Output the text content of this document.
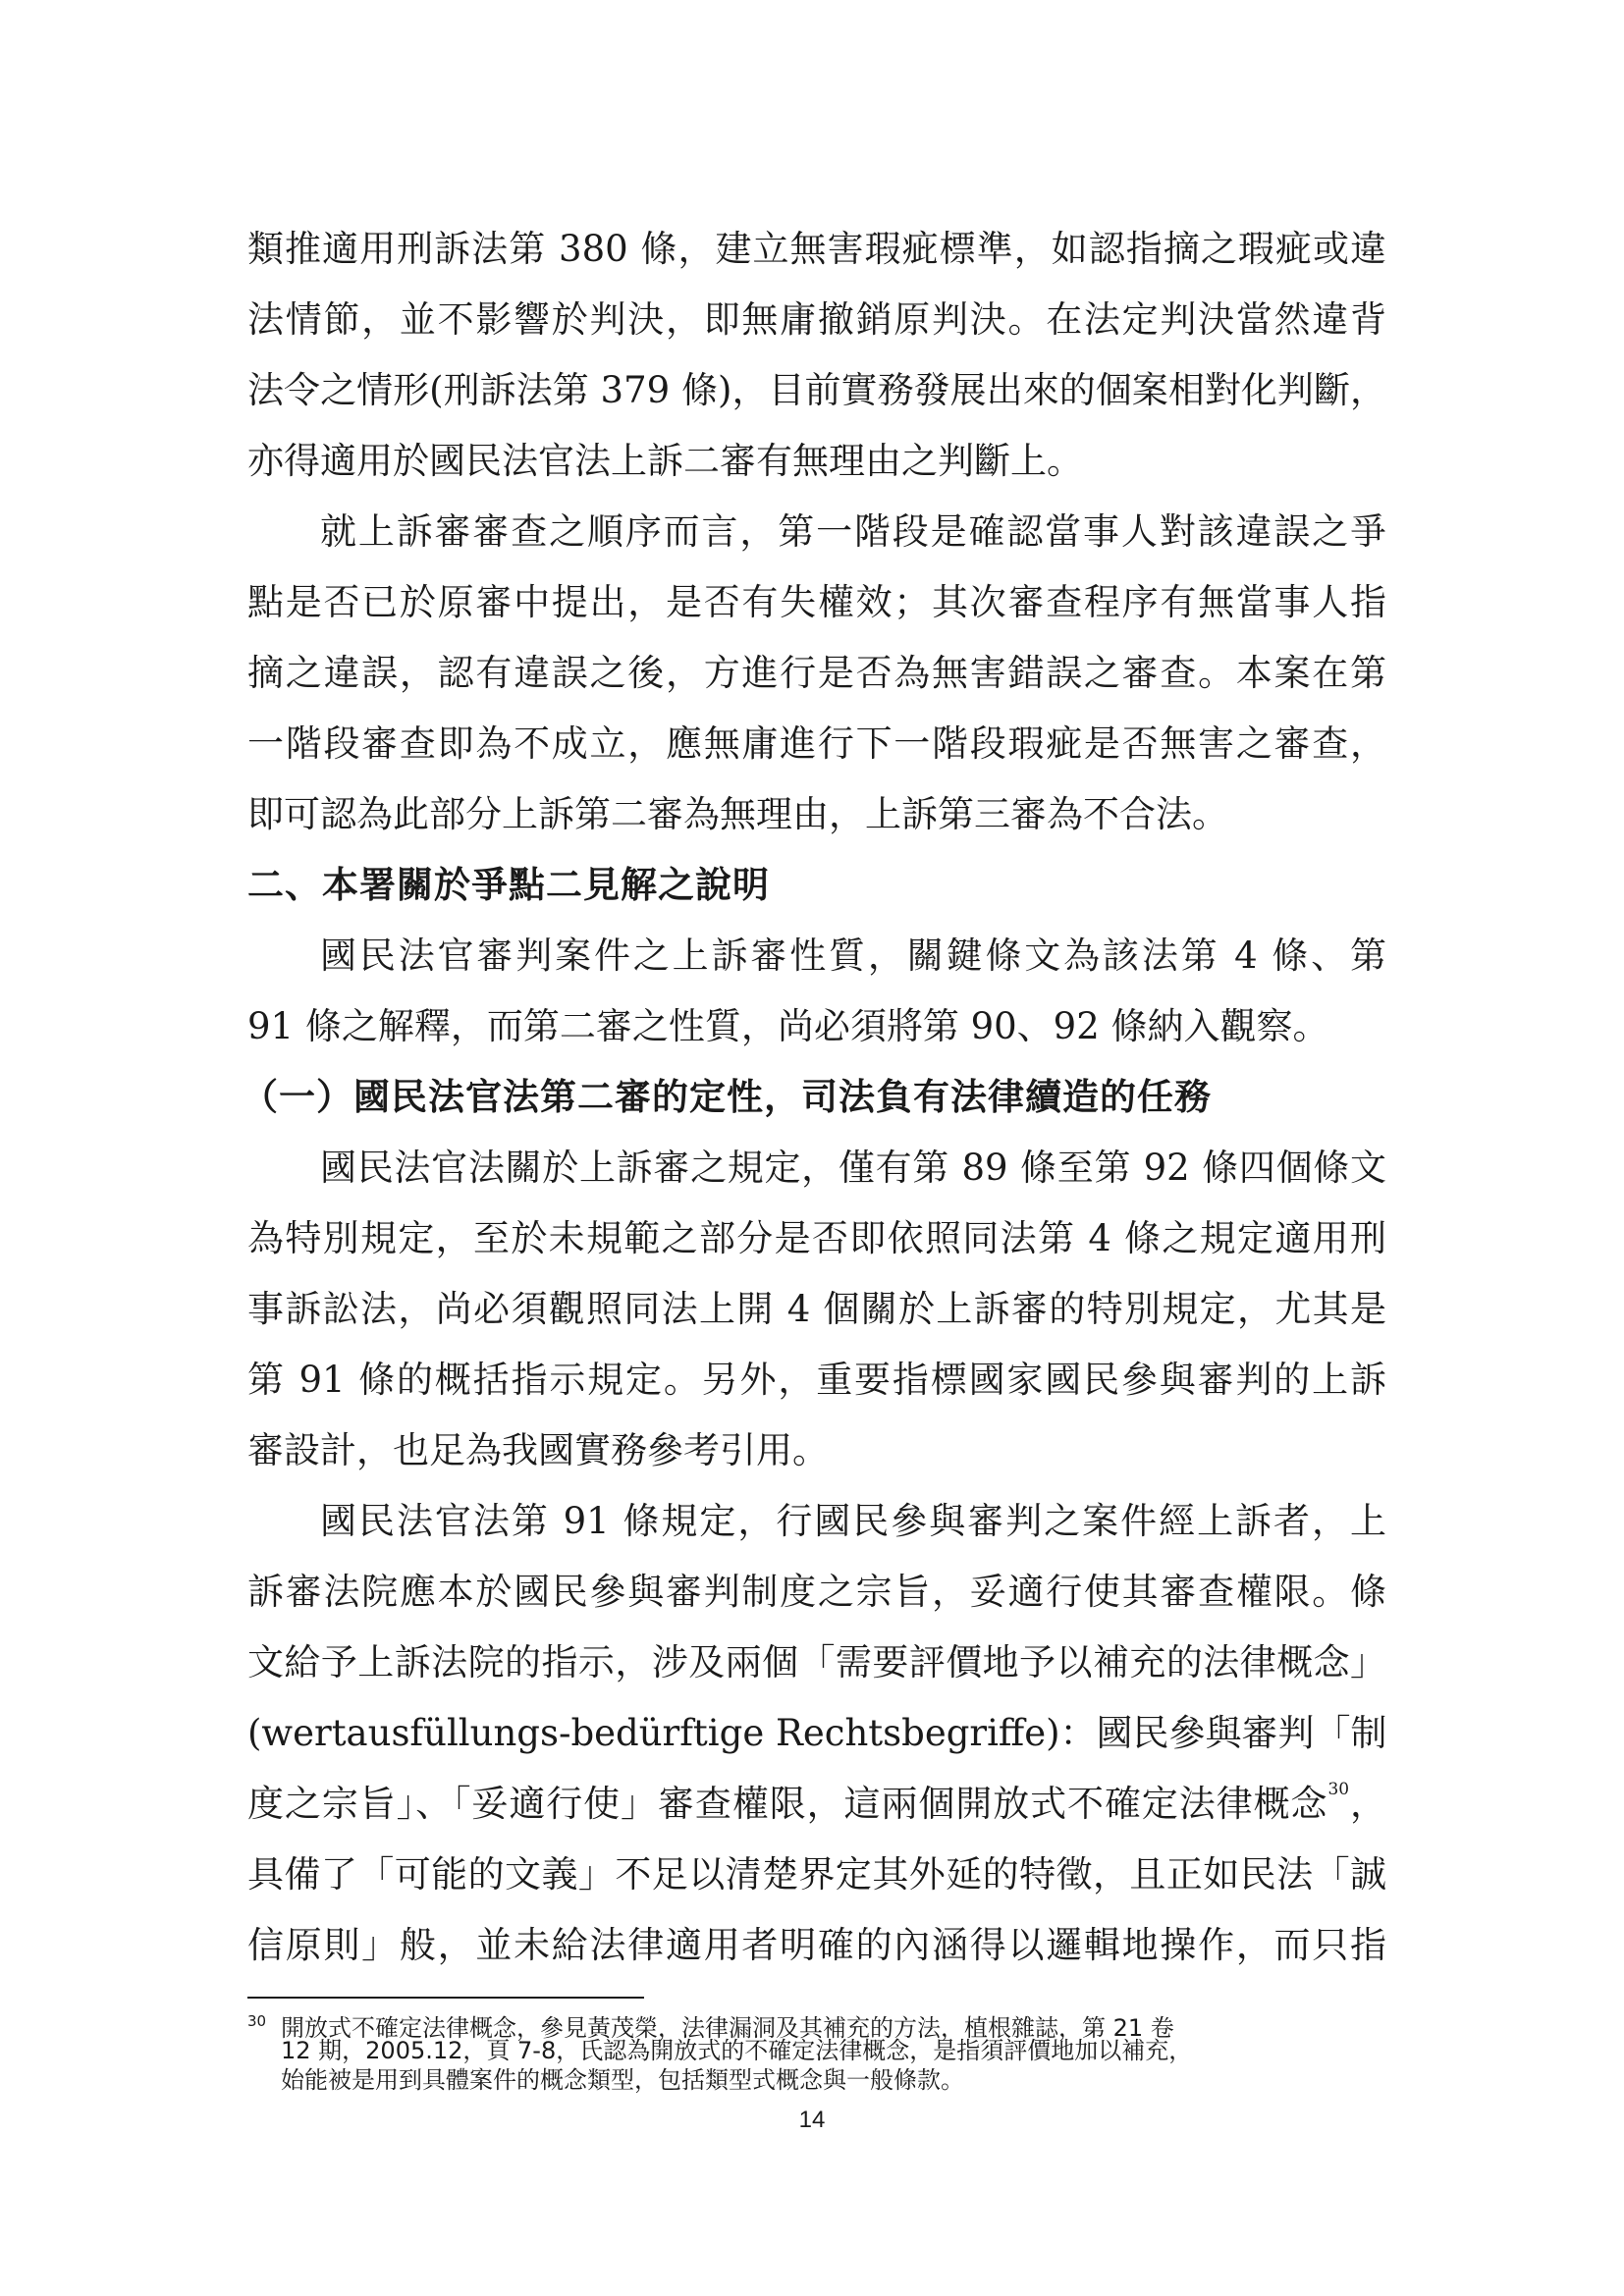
類推適用刑訴法第 380 條，建立無害瑕疵標準，如認指摘之瑕疵或違
法情節，並不影響於判決，即無庸撤銷原判決。在法定判決當然違背
法令之情形(刑訴法第 379 條)，目前實務發展出來的個案相對化判斷，
亦得適用於國民法官法上訴二審有無理由之判斷上。
就上訴審審查之順序而言，第一階段是確認當事人對該違誤之爭
點是否已於原審中提出，是否有失權效；其次審查程序有無當事人指
摘之違誤，認有違誤之後，方進行是否為無害錯誤之審查。本案在第
一階段審查即為不成立，應無庸進行下一階段瑕疵是否無害之審查，
即可認為此部分上訴第二審為無理由，上訴第三審為不合法。
二、本署關於爭點二見解之說明
國民法官審判案件之上訴審性質，關鍵條文為該法第 4 條、第
91 條之解釋，而第二審之性質，尚必須將第 90、92 條納入觀察。
（一）國民法官法第二審的定性，司法負有法律續造的任務
國民法官法關於上訴審之規定，僅有第 89 條至第 92 條四個條文
為特別規定，至於未規範之部分是否即依照同法第 4 條之規定適用刑
事訴訟法，尚必須觀照同法上開 4 個關於上訴審的特別規定，尤其是
第 91 條的概括指示規定。另外，重要指標國家國民參與審判的上訴
審設計，也足為我國實務參考引用。
國民法官法第 91 條規定，行國民參與審判之案件經上訴者，上
訴審法院應本於國民參與審判制度之宗旨，妥適行使其審查權限。條
文給予上訴法院的指示，涉及兩個「需要評價地予以補充的法律概念」
(wertausfüllungs-bedürftige Rechtsbegriffe)：國民參與審判「制
度之宗旨」、「妥適行使」審查權限，這兩個開放式不確定法律概念$^{30}$，
具備了「可能的文義」不足以清楚界定其外延的特徵，且正如民法「誠
信原則」般，並未給法律適用者明確的內涵得以邏輯地操作，而只指
30 開放式不確定法律概念，參見黃茂榮，法律漏洞及其補充的方法，植根雜誌，第 21 卷
12 期，2005.12，頁 7-8，氏認為開放式的不確定法律概念，是指須評價地加以補充，
始能被是用到具體案件的概念類型，包括類型式概念與一般條款。
14
